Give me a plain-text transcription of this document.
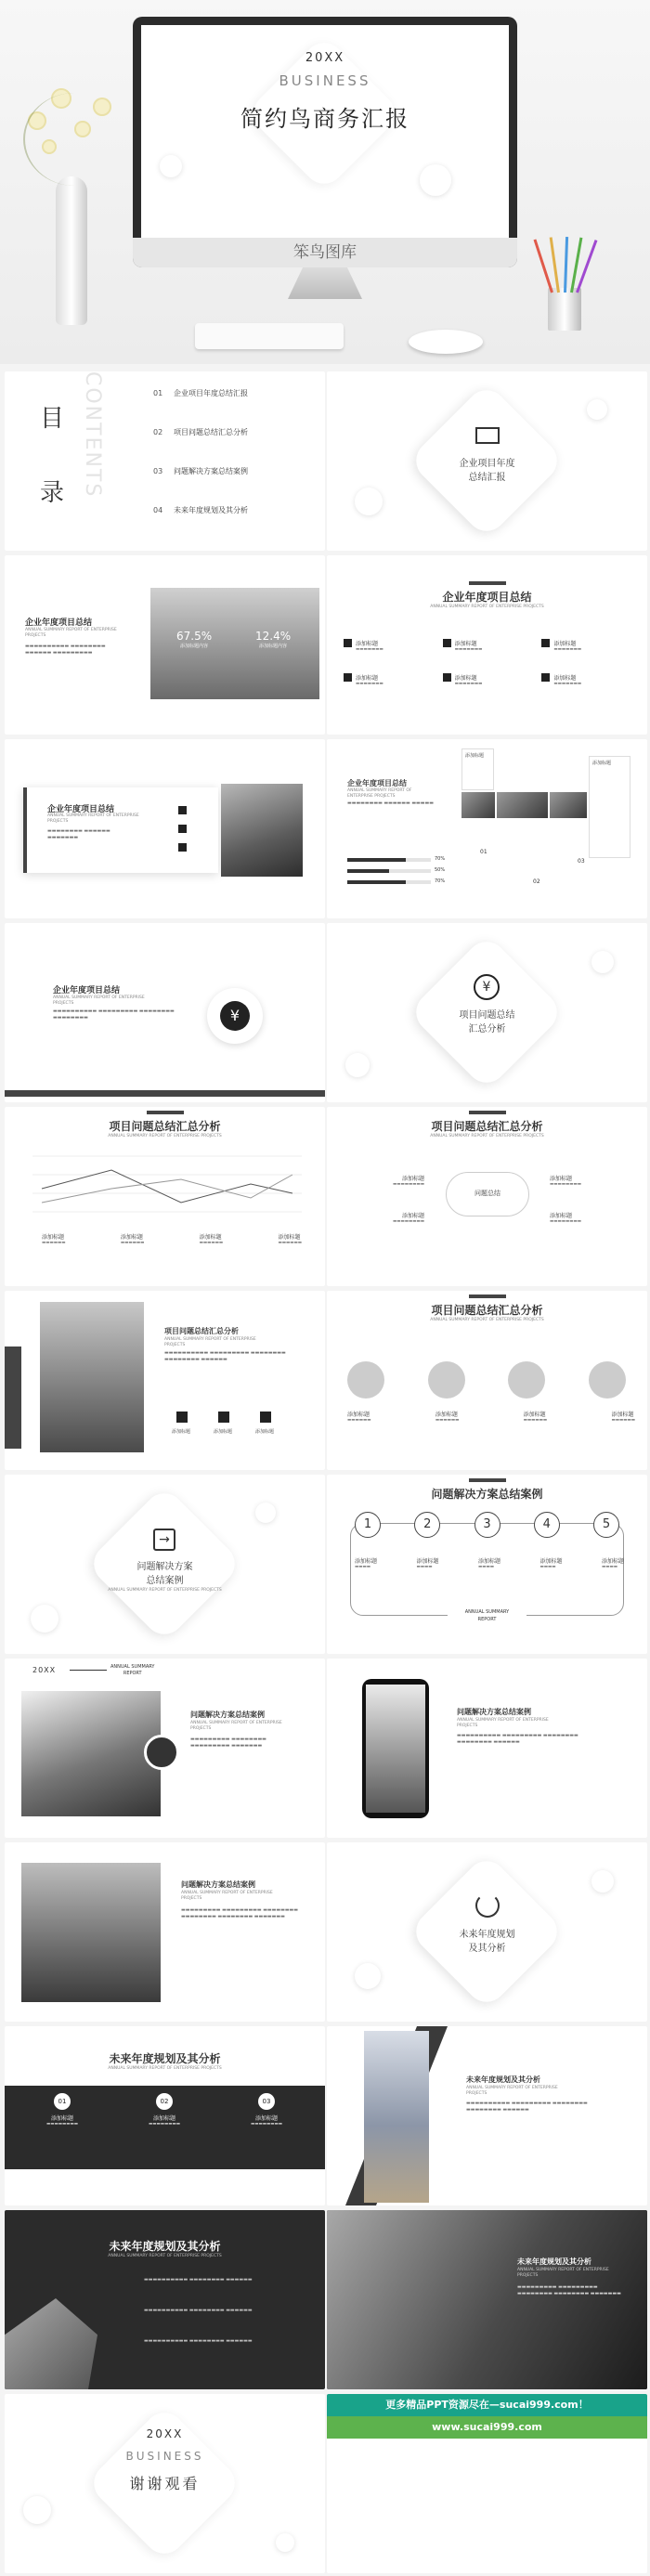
20XX
BUSINESS
简约鸟商务汇报
笨鸟图库
目
录 CONTENTS	01	企业项目年度总结汇报
02	项目问题总结汇总分析
03	问题解决方案总结案例
04	未来年度规划及其分析
企业项目年度
总结汇报
企业年度项目总结
ANNUAL SUMMARY REPORT OF ENTERPRISE PROJECTS
▬▬▬▬▬▬▬▬▬▬ ▬▬▬▬▬▬▬▬ ▬▬▬▬▬▬ ▬▬▬▬▬▬▬▬▬
67.5%
添加标题内容
12.4%
添加标题内容
企业年度项目总结
ANNUAL SUMMARY REPORT OF ENTERPRISE PROJECTS
添加标题
▬▬▬▬▬▬▬
添加标题
▬▬▬▬▬▬▬
添加标题
▬▬▬▬▬▬▬
添加标题
▬▬▬▬▬▬▬
添加标题
▬▬▬▬▬▬▬
添加标题
▬▬▬▬▬▬▬
企业年度项目总结
ANNUAL SUMMARY REPORT OF ENTERPRISE PROJECTS
▬▬▬▬▬▬▬▬ ▬▬▬▬▬▬ ▬▬▬▬▬▬▬
企业年度项目总结
ANNUAL SUMMARY REPORT OF ENTERPRISE PROJECTS
▬▬▬▬▬▬▬▬ ▬▬▬▬▬▬ ▬▬▬▬▬
70%
50%
70%
添加标题
01
02
03
添加标题
企业年度项目总结
ANNUAL SUMMARY REPORT OF ENTERPRISE PROJECTS
▬▬▬▬▬▬▬▬▬▬ ▬▬▬▬▬▬▬▬▬ ▬▬▬▬▬▬▬▬ ▬▬▬▬▬▬▬▬	¥
¥
项目问题总结
汇总分析
项目问题总结汇总分析
ANNUAL SUMMARY REPORT OF ENTERPRISE PROJECTS
添加标题
▬▬▬▬▬▬
添加标题
▬▬▬▬▬▬
添加标题
▬▬▬▬▬▬
添加标题
▬▬▬▬▬▬
项目问题总结汇总分析
ANNUAL SUMMARY REPORT OF ENTERPRISE PROJECTS
问题总结
添加标题
▬▬▬▬▬▬▬▬
添加标题
▬▬▬▬▬▬▬▬
添加标题
▬▬▬▬▬▬▬▬
添加标题
▬▬▬▬▬▬▬▬
项目问题总结汇总分析
ANNUAL SUMMARY REPORT OF ENTERPRISE PROJECTS
▬▬▬▬▬▬▬▬▬▬ ▬▬▬▬▬▬▬▬▬ ▬▬▬▬▬▬▬▬ ▬▬▬▬▬▬▬▬ ▬▬▬▬▬▬
添加标题	添加标题	添加标题
项目问题总结汇总分析
ANNUAL SUMMARY REPORT OF ENTERPRISE PROJECTS
添加标题
▬▬▬▬▬▬
添加标题
▬▬▬▬▬▬
添加标题
▬▬▬▬▬▬
添加标题
▬▬▬▬▬▬
→
问题解决方案
总结案例
ANNUAL SUMMARY REPORT OF ENTERPRISE PROJECTS
问题解决方案总结案例
1	2	3	4	5
添加标题
▬▬▬▬
添加标题
▬▬▬▬
添加标题
▬▬▬▬
添加标题
▬▬▬▬
添加标题
▬▬▬▬
ANNUAL SUMMARY
REPORT
20XX	ANNUAL SUMMARY
REPORT
问题解决方案总结案例
ANNUAL SUMMARY REPORT OF ENTERPRISE PROJECTS
▬▬▬▬▬▬▬▬▬ ▬▬▬▬▬▬▬▬ ▬▬▬▬▬▬▬▬▬ ▬▬▬▬▬▬▬
问题解决方案总结案例
ANNUAL SUMMARY REPORT OF ENTERPRISE PROJECTS
▬▬▬▬▬▬▬▬▬▬ ▬▬▬▬▬▬▬▬▬ ▬▬▬▬▬▬▬▬ ▬▬▬▬▬▬▬▬ ▬▬▬▬▬▬
问题解决方案总结案例
ANNUAL SUMMARY REPORT OF ENTERPRISE PROJECTS
▬▬▬▬▬▬▬▬▬ ▬▬▬▬▬▬▬▬▬ ▬▬▬▬▬▬▬▬ ▬▬▬▬▬▬▬▬ ▬▬▬▬▬▬▬▬ ▬▬▬▬▬▬▬
未来年度规划
及其分析
未来年度规划及其分析
ANNUAL SUMMARY REPORT OF ENTERPRISE PROJECTS
01
添加标题
▬▬▬▬▬▬▬▬
02
添加标题
▬▬▬▬▬▬▬▬
03
添加标题
▬▬▬▬▬▬▬▬
未来年度规划及其分析
ANNUAL SUMMARY REPORT OF ENTERPRISE PROJECTS
▬▬▬▬▬▬▬▬▬▬ ▬▬▬▬▬▬▬▬▬ ▬▬▬▬▬▬▬▬ ▬▬▬▬▬▬▬▬ ▬▬▬▬▬▬
未来年度规划及其分析
ANNUAL SUMMARY REPORT OF ENTERPRISE PROJECTS
▬▬▬▬▬▬▬▬▬▬ ▬▬▬▬▬▬▬▬ ▬▬▬▬▬▬
▬▬▬▬▬▬▬▬▬▬ ▬▬▬▬▬▬▬▬ ▬▬▬▬▬▬
▬▬▬▬▬▬▬▬▬▬ ▬▬▬▬▬▬▬▬ ▬▬▬▬▬▬
未来年度规划及其分析
ANNUAL SUMMARY REPORT OF ENTERPRISE PROJECTS
▬▬▬▬▬▬▬▬▬ ▬▬▬▬▬▬▬▬▬ ▬▬▬▬▬▬▬▬ ▬▬▬▬▬▬▬▬ ▬▬▬▬▬▬▬
20XX
BUSINESS
谢谢观看
更多精品PPT资源尽在—sucai999.com！
www.sucai999.com
